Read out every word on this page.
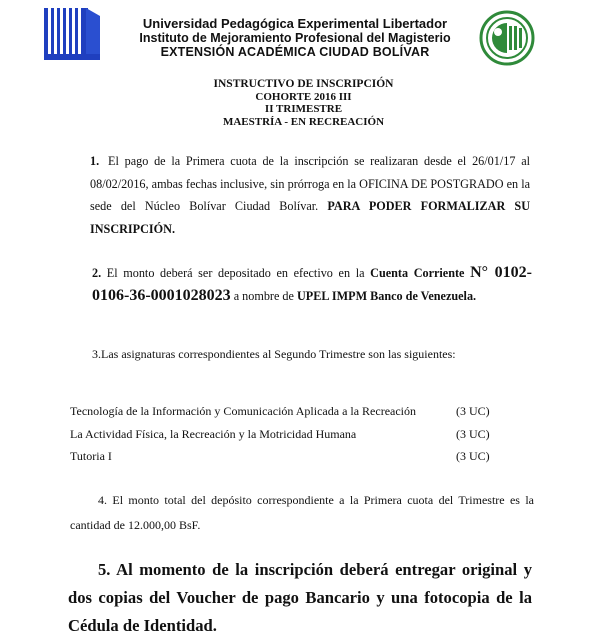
Universidad Pedagógica Experimental Libertador
Instituto de Mejoramiento Profesional del Magisterio
EXTENSIÓN ACADÉMICA CIUDAD BOLÍVAR
INSTRUCTIVO DE INSCRIPCIÓN
COHORTE 2016 III
II TRIMESTRE
MAESTRÍA - EN RECREACIÓN
1. El pago de la Primera cuota de la inscripción se realizaran desde el 26/01/17 al 08/02/2016, ambas fechas inclusive, sin prórroga en la OFICINA DE POSTGRADO en la sede del Núcleo Bolívar Ciudad Bolívar. PARA PODER FORMALIZAR SU INSCRIPCIÓN.
2. El monto deberá ser depositado en efectivo en la Cuenta Corriente N° 0102-0106-36-0001028023 a nombre de UPEL IMPM Banco de Venezuela.
3.Las asignaturas correspondientes al Segundo Trimestre son las siguientes:
Tecnología de la Información y Comunicación Aplicada a la Recreación	(3 UC)
La Actividad Física, la Recreación y la Motricidad Humana	(3 UC)
Tutoria I	(3 UC)
4. El monto total del depósito correspondiente a la Primera cuota del Trimestre es la cantidad de 12.000,00 BsF.
5. Al momento de la inscripción deberá entregar original y dos copias del Voucher de pago Bancario y una fotocopia de la Cédula de Identidad.
